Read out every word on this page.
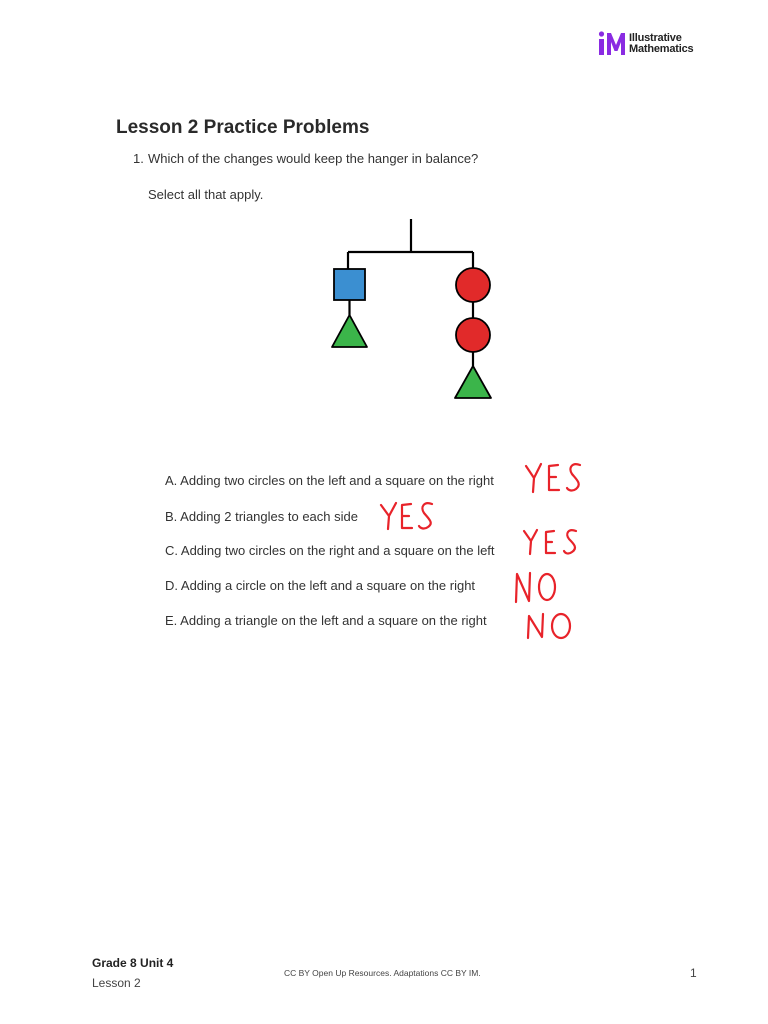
Illustrative
Mathematics
Lesson 2 Practice Problems
1. Which of the changes would keep the hanger in balance?
Select all that apply.
A. Adding two circles on the left and a square on the right
B. Adding 2 triangles to each side
C. Adding two circles on the right and a square on the left
D. Adding a circle on the left and a square on the right
E. Adding a triangle on the left and a square on the right
Grade 8 Unit 4
Lesson 2
CC BY Open Up Resources. Adaptations CC BY IM.	1
